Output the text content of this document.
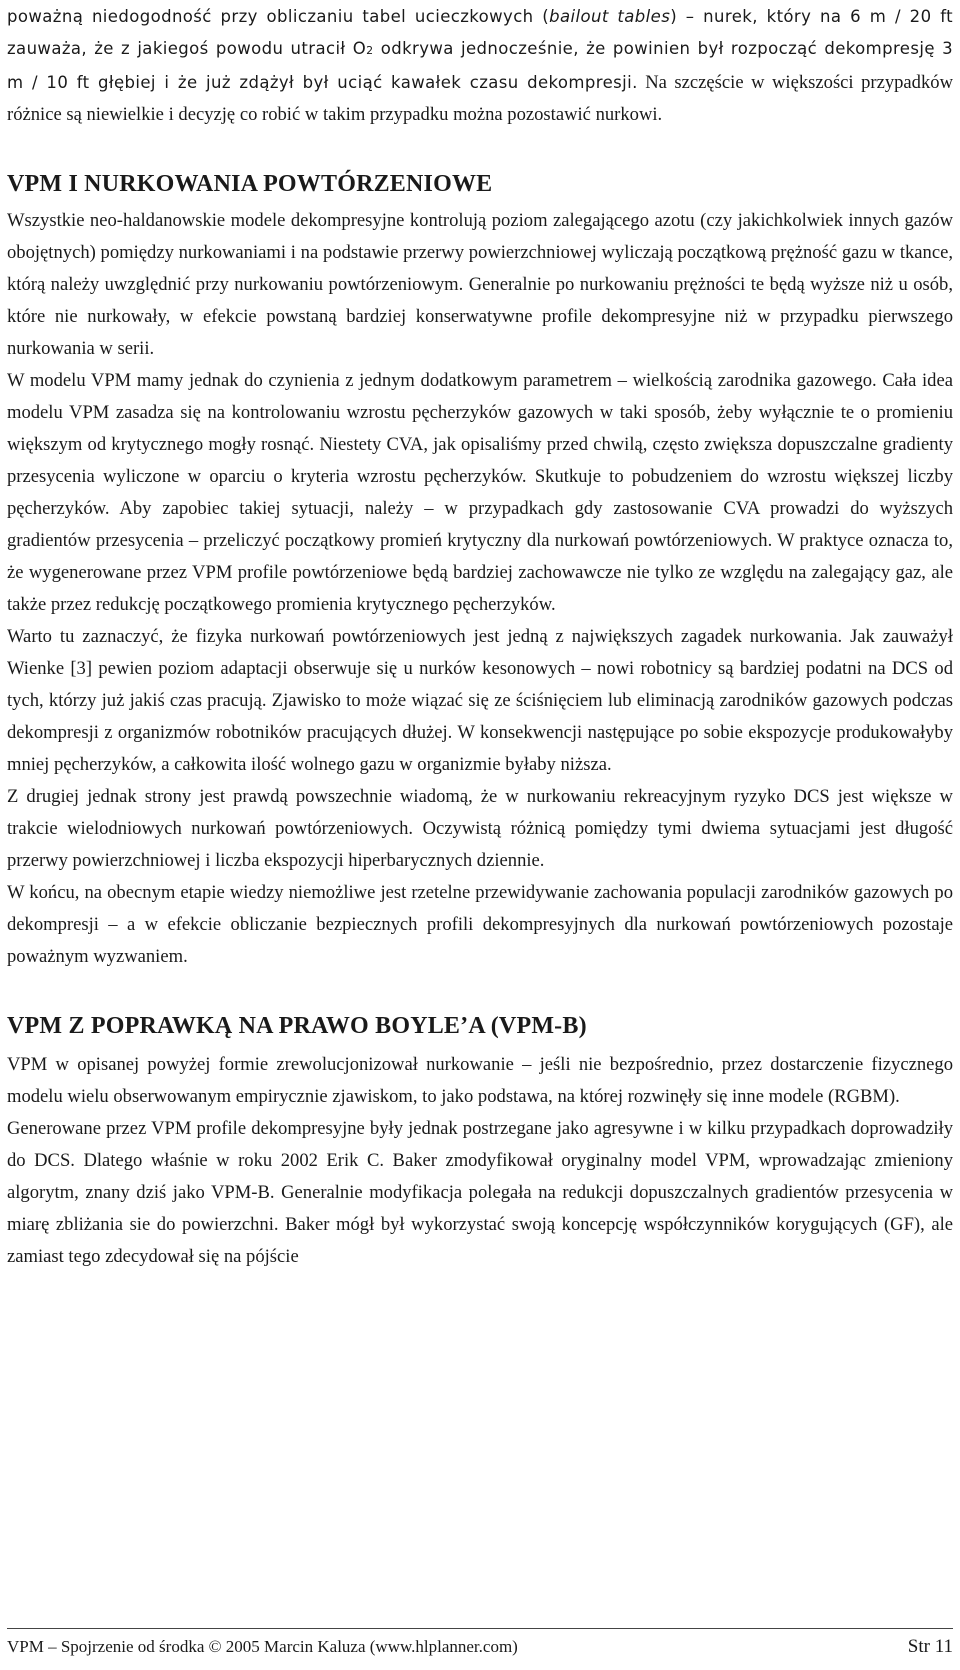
poważną niedogodność przy obliczaniu tabel ucieczkowych (bailout tables) – nurek, który na 6 m / 20 ft zauważa, że z jakiegoś powodu utracił O2 odkrywa jednocześnie, że powinien był rozpocząć dekompresję 3 m / 10 ft głębiej i że już zdążył był uciąć kawałek czasu dekompresji. Na szczęście w większości przypadków różnice są niewielkie i decyzję co robić w takim przypadku można pozostawić nurkowi.

VPM I NURKOWANIA POWTÓRZENIOWE

Wszystkie neo-haldanowskie modele dekompresyjne kontrolują poziom zalegającego azotu (czy jakichkolwiek innych gazów obojętnych) pomiędzy nurkowaniami i na podstawie przerwy powierzchniowej wyliczają początkową prężność gazu w tkance, którą należy uwzględnić przy nurkowaniu powtórzeniowym. Generalnie po nurkowaniu prężności te będą wyższe niż u osób, które nie nurkowały, w efekcie powstaną bardziej konserwatywne profile dekompresyjne niż w przypadku pierwszego nurkowania w serii.

W modelu VPM mamy jednak do czynienia z jednym dodatkowym parametrem – wielkością zarodnika gazowego. Cała idea modelu VPM zasadza się na kontrolowaniu wzrostu pęcherzyków gazowych w taki sposób, żeby wyłącznie te o promieniu większym od krytycznego mogły rosnąć. Niestety CVA, jak opisaliśmy przed chwilą, często zwiększa dopuszczalne gradienty przesycenia wyliczone w oparciu o kryteria wzrostu pęcherzyków. Skutkuje to pobudzeniem do wzrostu większej liczby pęcherzyków. Aby zapobiec takiej sytuacji, należy – w przypadkach gdy zastosowanie CVA prowadzi do wyższych gradientów przesycenia – przeliczyć początkowy promień krytyczny dla nurkowań powtórzeniowych. W praktyce oznacza to, że wygenerowane przez VPM profile powtórzeniowe będą bardziej zachowawcze nie tylko ze względu na zalegający gaz, ale także przez redukcję początkowego promienia krytycznego pęcherzyków.

Warto tu zaznaczyć, że fizyka nurkowań powtórzeniowych jest jedną z największych zagadek nurkowania. Jak zauważył Wienke [3] pewien poziom adaptacji obserwuje się u nurków kesonowych – nowi robotnicy są bardziej podatni na DCS od tych, którzy już jakiś czas pracują. Zjawisko to może wiązać się ze ściśnięciem lub eliminacją zarodników gazowych podczas dekompresji z organizmów robotników pracujących dłużej. W konsekwencji następujące po sobie ekspozycje produkowałyby mniej pęcherzyków, a całkowita ilość wolnego gazu w organizmie byłaby niższa.

Z drugiej jednak strony jest prawdą powszechnie wiadomą, że w nurkowaniu rekreacyjnym ryzyko DCS jest większe w trakcie wielodniowych nurkowań powtórzeniowych. Oczywistą różnicą pomiędzy tymi dwiema sytuacjami jest długość przerwy powierzchniowej i liczba ekspozycji hiperbarycznych dziennie.

W końcu, na obecnym etapie wiedzy niemożliwe jest rzetelne przewidywanie zachowania populacji zarodników gazowych po dekompresji – a w efekcie obliczanie bezpiecznych profili dekompresyjnych dla nurkowań powtórzeniowych pozostaje poważnym wyzwaniem.

VPM Z POPRAWKĄ NA PRAWO BOYLE’A (VPM-B)

VPM w opisanej powyżej formie zrewolucjonizował nurkowanie – jeśli nie bezpośrednio, przez dostarczenie fizycznego modelu wielu obserwowanym empirycznie zjawiskom, to jako podstawa, na której rozwinęły się inne modele (RGBM).

Generowane przez VPM profile dekompresyjne były jednak postrzegane jako agresywne i w kilku przypadkach doprowadziły do DCS. Dlatego właśnie w roku 2002 Erik C. Baker zmodyfikował oryginalny model VPM, wprowadzając zmieniony algorytm, znany dziś jako VPM-B. Generalnie modyfikacja polegała na redukcji dopuszczalnych gradientów przesycenia w miarę zbliżania sie do powierzchni. Baker mógł był wykorzystać swoją koncepcję współczynników korygujących (GF), ale zamiast tego zdecydował się na pójście

VPM – Spojrzenie od środka © 2005 Marcin Kaluza (www.hlplanner.com)	Str 11
